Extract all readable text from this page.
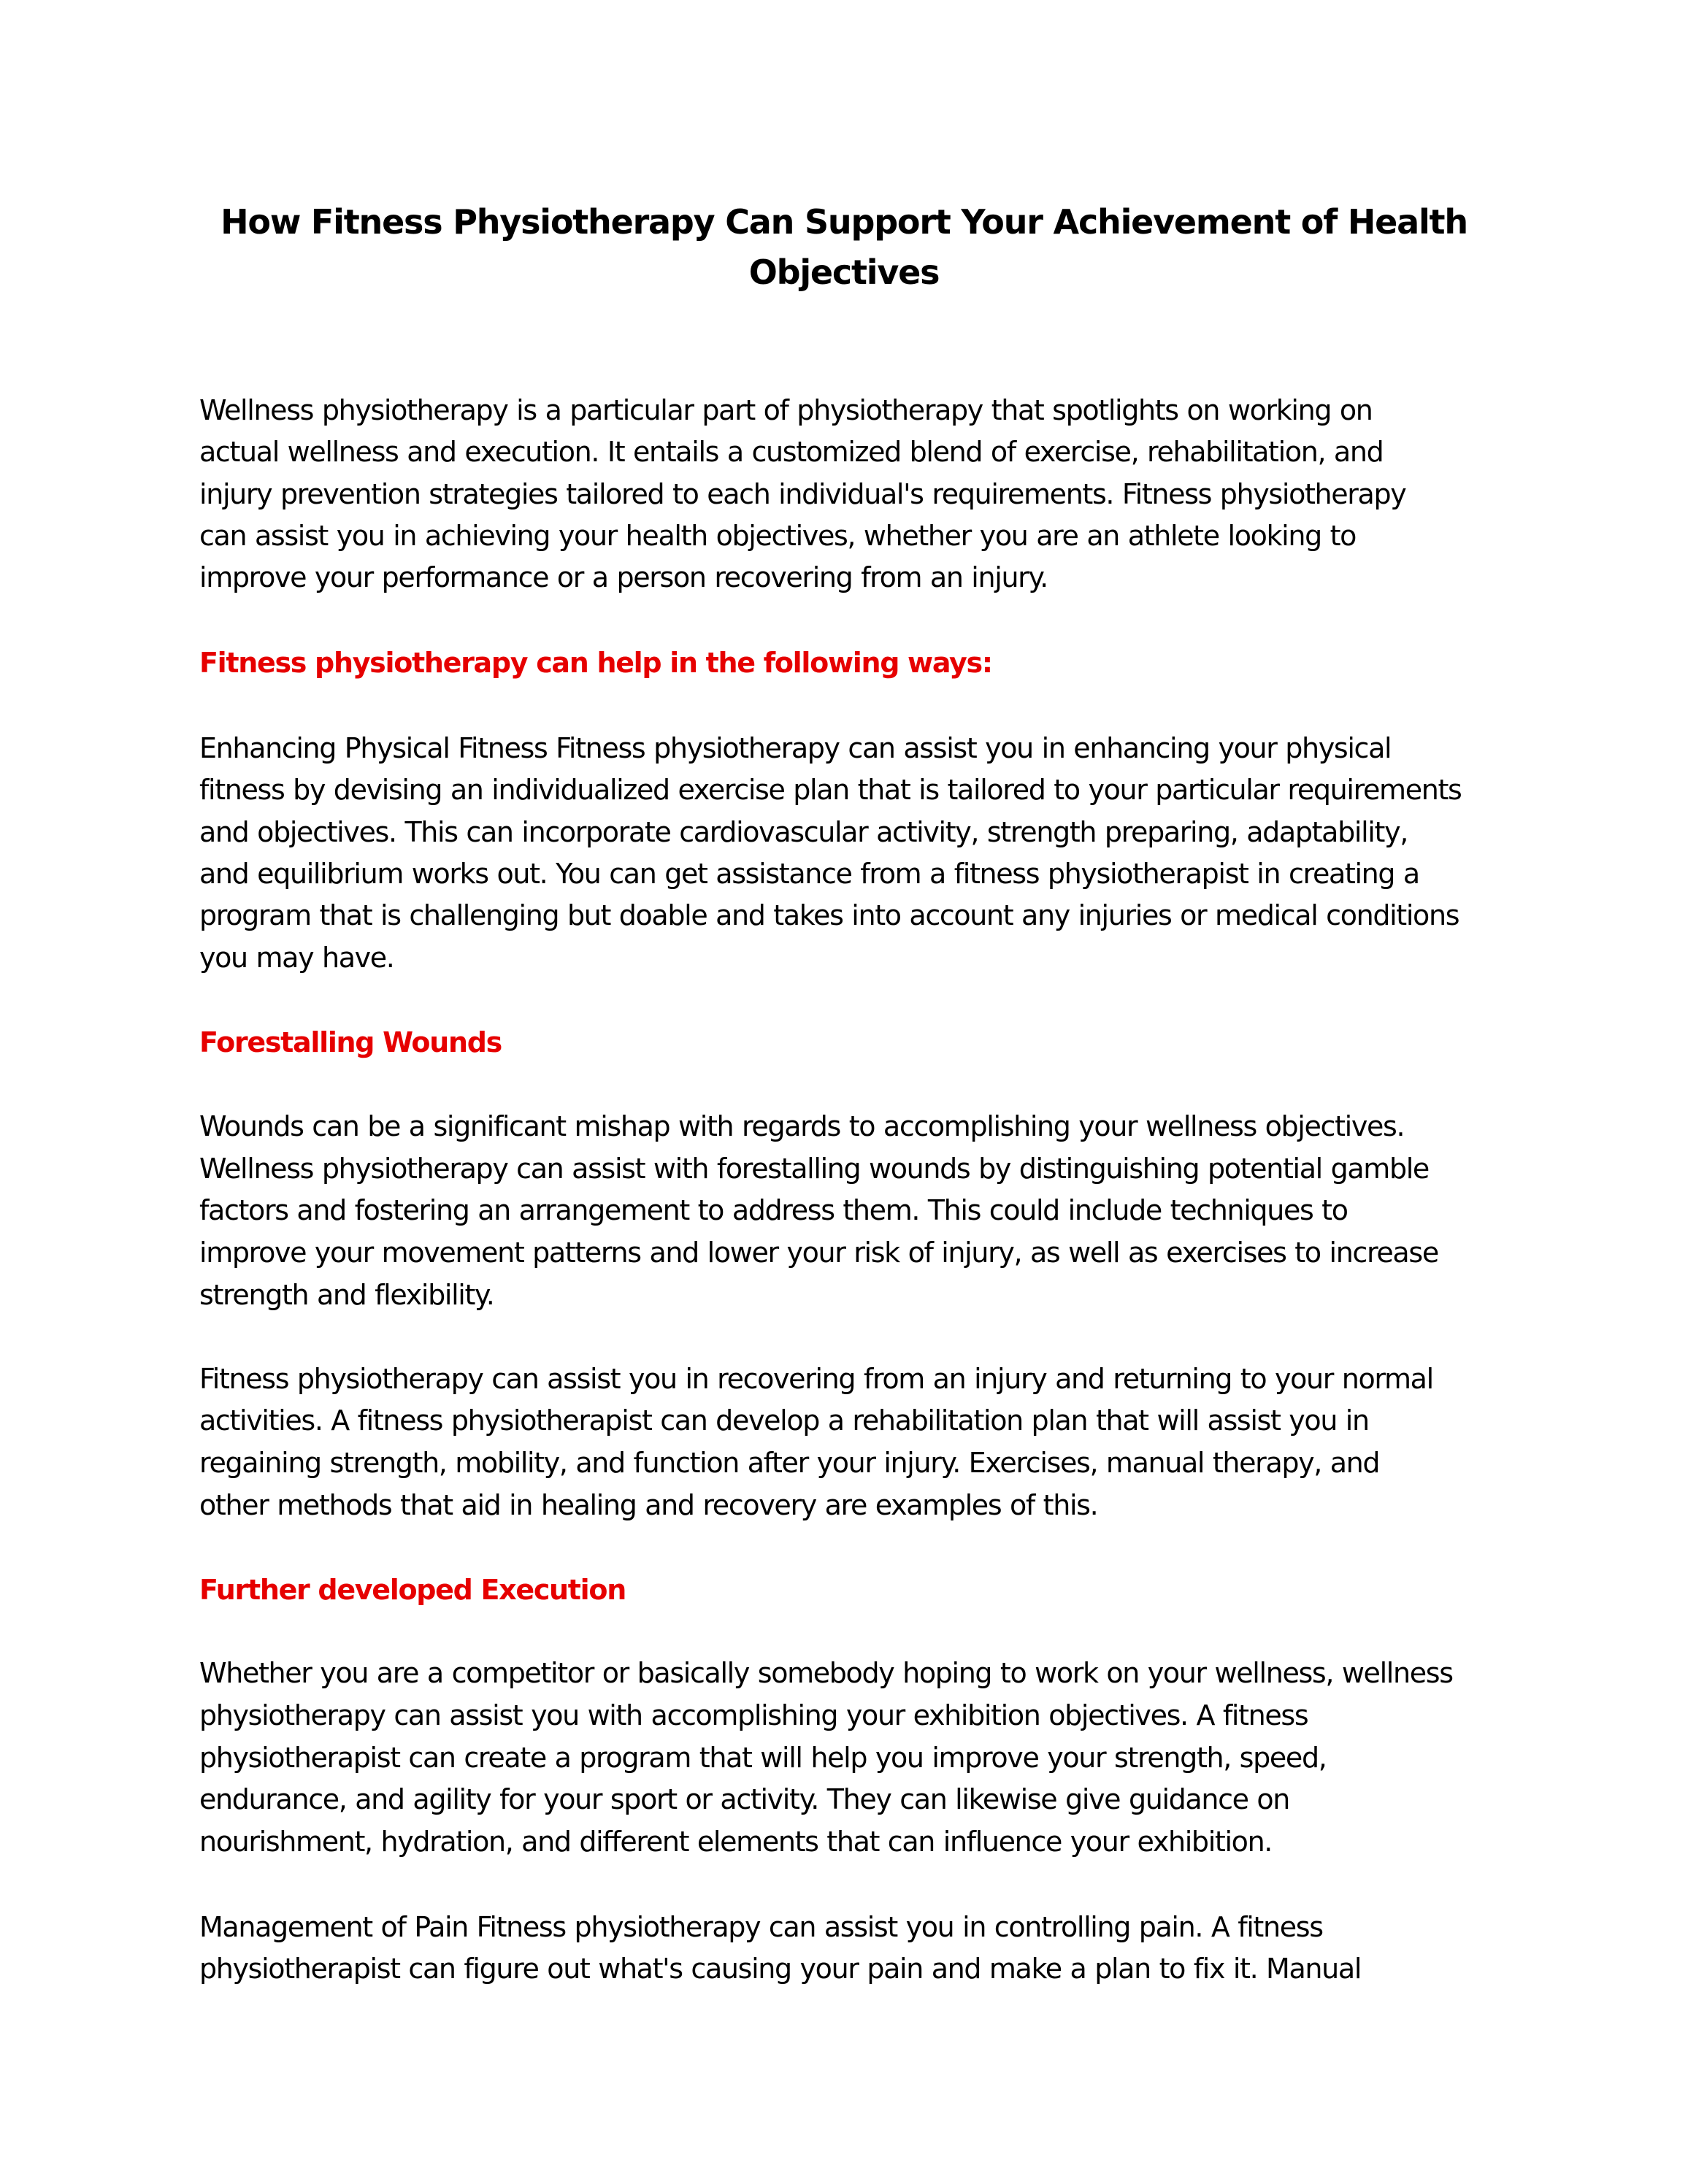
How Fitness Physiotherapy Can Support Your Achievement of Health
Objectives
Wellness physiotherapy is a particular part of physiotherapy that spotlights on working on
actual wellness and execution. It entails a customized blend of exercise, rehabilitation, and
injury prevention strategies tailored to each individual's requirements. Fitness physiotherapy
can assist you in achieving your health objectives, whether you are an athlete looking to
improve your performance or a person recovering from an injury.
Fitness physiotherapy can help in the following ways:
Enhancing Physical Fitness Fitness physiotherapy can assist you in enhancing your physical
fitness by devising an individualized exercise plan that is tailored to your particular requirements
and objectives. This can incorporate cardiovascular activity, strength preparing, adaptability,
and equilibrium works out. You can get assistance from a fitness physiotherapist in creating a
program that is challenging but doable and takes into account any injuries or medical conditions
you may have.
Forestalling Wounds
Wounds can be a significant mishap with regards to accomplishing your wellness objectives.
Wellness physiotherapy can assist with forestalling wounds by distinguishing potential gamble
factors and fostering an arrangement to address them. This could include techniques to
improve your movement patterns and lower your risk of injury, as well as exercises to increase
strength and flexibility.
Fitness physiotherapy can assist you in recovering from an injury and returning to your normal
activities. A fitness physiotherapist can develop a rehabilitation plan that will assist you in
regaining strength, mobility, and function after your injury. Exercises, manual therapy, and
other methods that aid in healing and recovery are examples of this.
Further developed Execution
Whether you are a competitor or basically somebody hoping to work on your wellness, wellness
physiotherapy can assist you with accomplishing your exhibition objectives. A fitness
physiotherapist can create a program that will help you improve your strength, speed,
endurance, and agility for your sport or activity. They can likewise give guidance on
nourishment, hydration, and different elements that can influence your exhibition.
Management of Pain Fitness physiotherapy can assist you in controlling pain. A fitness
physiotherapist can figure out what's causing your pain and make a plan to fix it. Manual
